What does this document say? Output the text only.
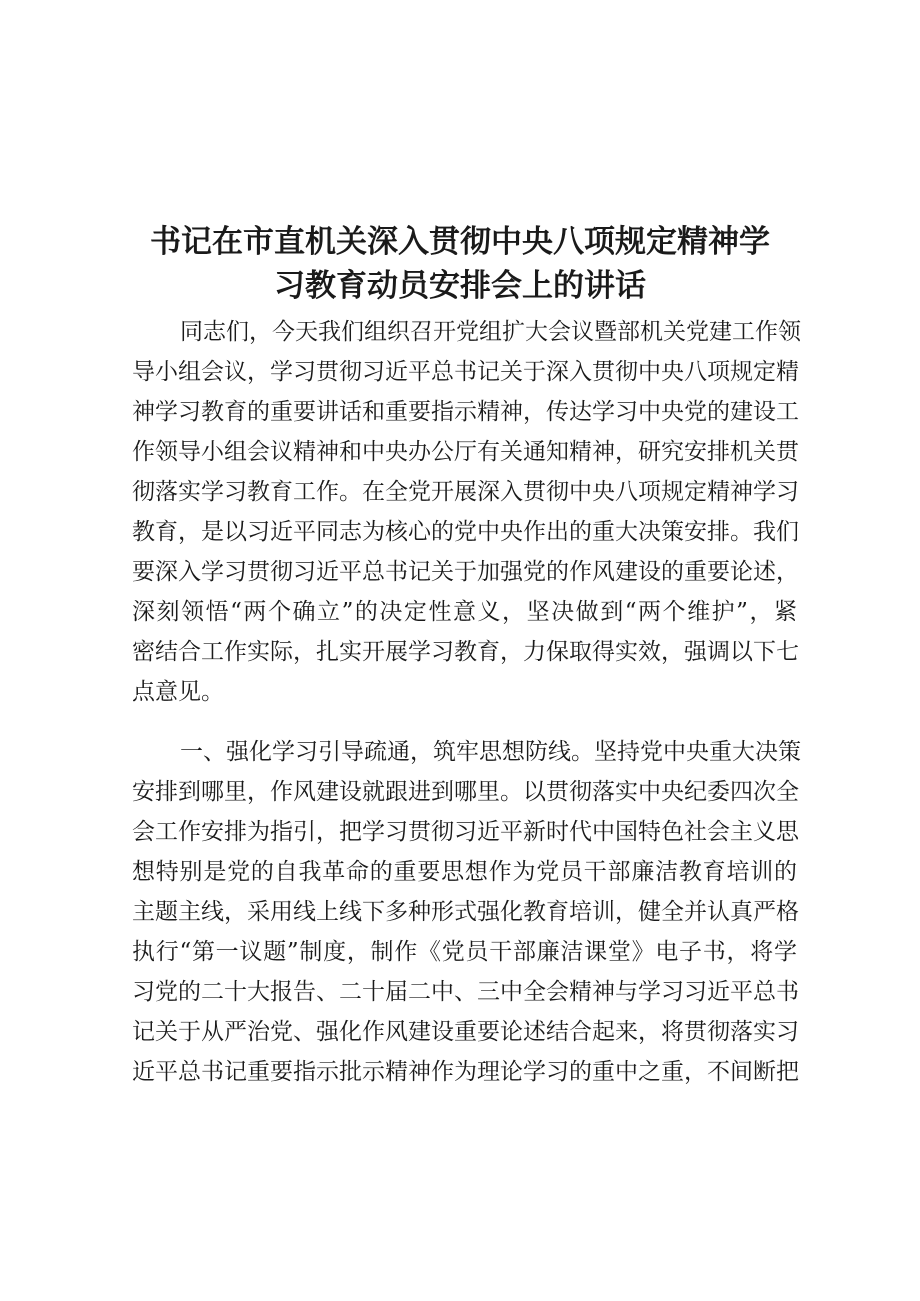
书记在市直机关深入贯彻中央八项规定精神学
习教育动员安排会上的讲话

同志们，今天我们组织召开党组扩大会议暨部机关党建工作领

导小组会议，学习贯彻习近平总书记关于深入贯彻中央八项规定精

神学习教育的重要讲话和重要指示精神，传达学习中央党的建设工

作领导小组会议精神和中央办公厅有关通知精神，研究安排机关贯

彻落实学习教育工作。在全党开展深入贯彻中央八项规定精神学习

教育，是以习近平同志为核心的党中央作出的重大决策安排。我们

要深入学习贯彻习近平总书记关于加强党的作风建设的重要论述，

深刻领悟“两个确立”的决定性意义，坚决做到“两个维护”，紧

密结合工作实际，扎实开展学习教育，力保取得实效，强调以下七

点意见。

一、强化学习引导疏通，筑牢思想防线。坚持党中央重大决策

安排到哪里，作风建设就跟进到哪里。以贯彻落实中央纪委四次全

会工作安排为指引，把学习贯彻习近平新时代中国特色社会主义思

想特别是党的自我革命的重要思想作为党员干部廉洁教育培训的

主题主线，采用线上线下多种形式强化教育培训，健全并认真严格

执行“第一议题”制度，制作《党员干部廉洁课堂》电子书，将学

习党的二十大报告、二十届二中、三中全会精神与学习习近平总书

记关于从严治党、强化作风建设重要论述结合起来，将贯彻落实习

近平总书记重要指示批示精神作为理论学习的重中之重，不间断把
